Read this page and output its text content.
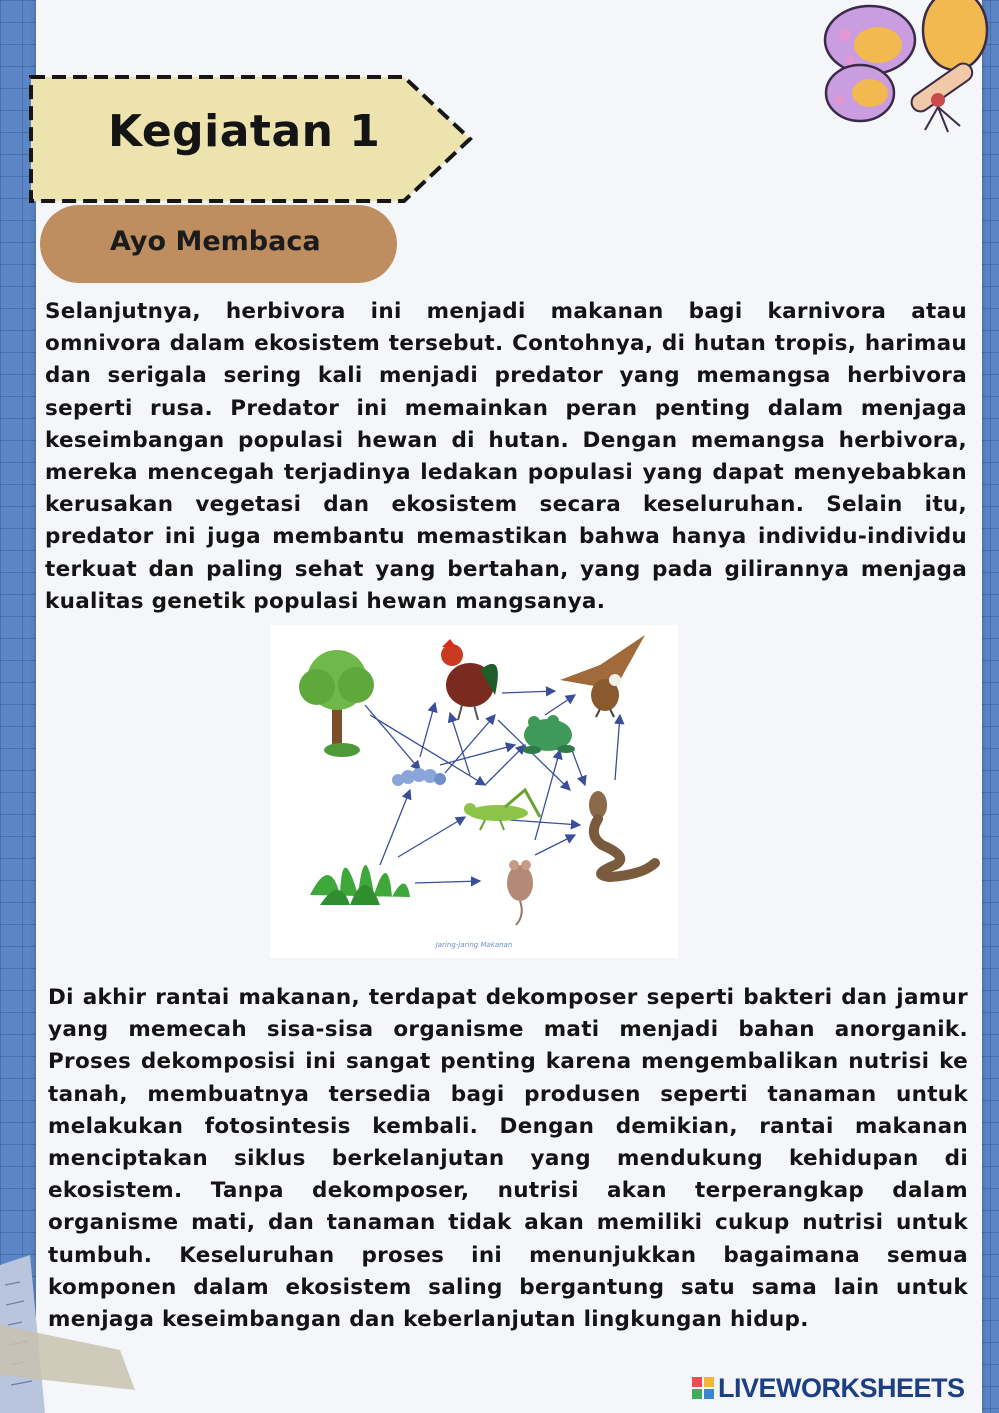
Kegiatan 1
Ayo Membaca

Selanjutnya, herbivora ini menjadi makanan bagi karnivora atau omnivora dalam ekosistem tersebut. Contohnya, di hutan tropis, harimau dan serigala sering kali menjadi predator yang memangsa herbivora seperti rusa. Predator ini memainkan peran penting dalam menjaga keseimbangan populasi hewan di hutan. Dengan memangsa herbivora, mereka mencegah terjadinya ledakan populasi yang dapat menyebabkan kerusakan vegetasi dan ekosistem secara keseluruhan. Selain itu, predator ini juga membantu memastikan bahwa hanya individu-individu terkuat dan paling sehat yang bertahan, yang pada gilirannya menjaga kualitas genetik populasi hewan mangsanya.

Jaring-jaring Makanan

Di akhir rantai makanan, terdapat dekomposer seperti bakteri dan jamur yang memecah sisa-sisa organisme mati menjadi bahan anorganik. Proses dekomposisi ini sangat penting karena mengembalikan nutrisi ke tanah, membuatnya tersedia bagi produsen seperti tanaman untuk melakukan fotosintesis kembali. Dengan demikian, rantai makanan menciptakan siklus berkelanjutan yang mendukung kehidupan di ekosistem. Tanpa dekomposer, nutrisi akan terperangkap dalam organisme mati, dan tanaman tidak akan memiliki cukup nutrisi untuk tumbuh. Keseluruhan proses ini menunjukkan bagaimana semua komponen dalam ekosistem saling bergantung satu sama lain untuk menjaga keseimbangan dan keberlanjutan lingkungan hidup.

LIVEWORKSHEETS
